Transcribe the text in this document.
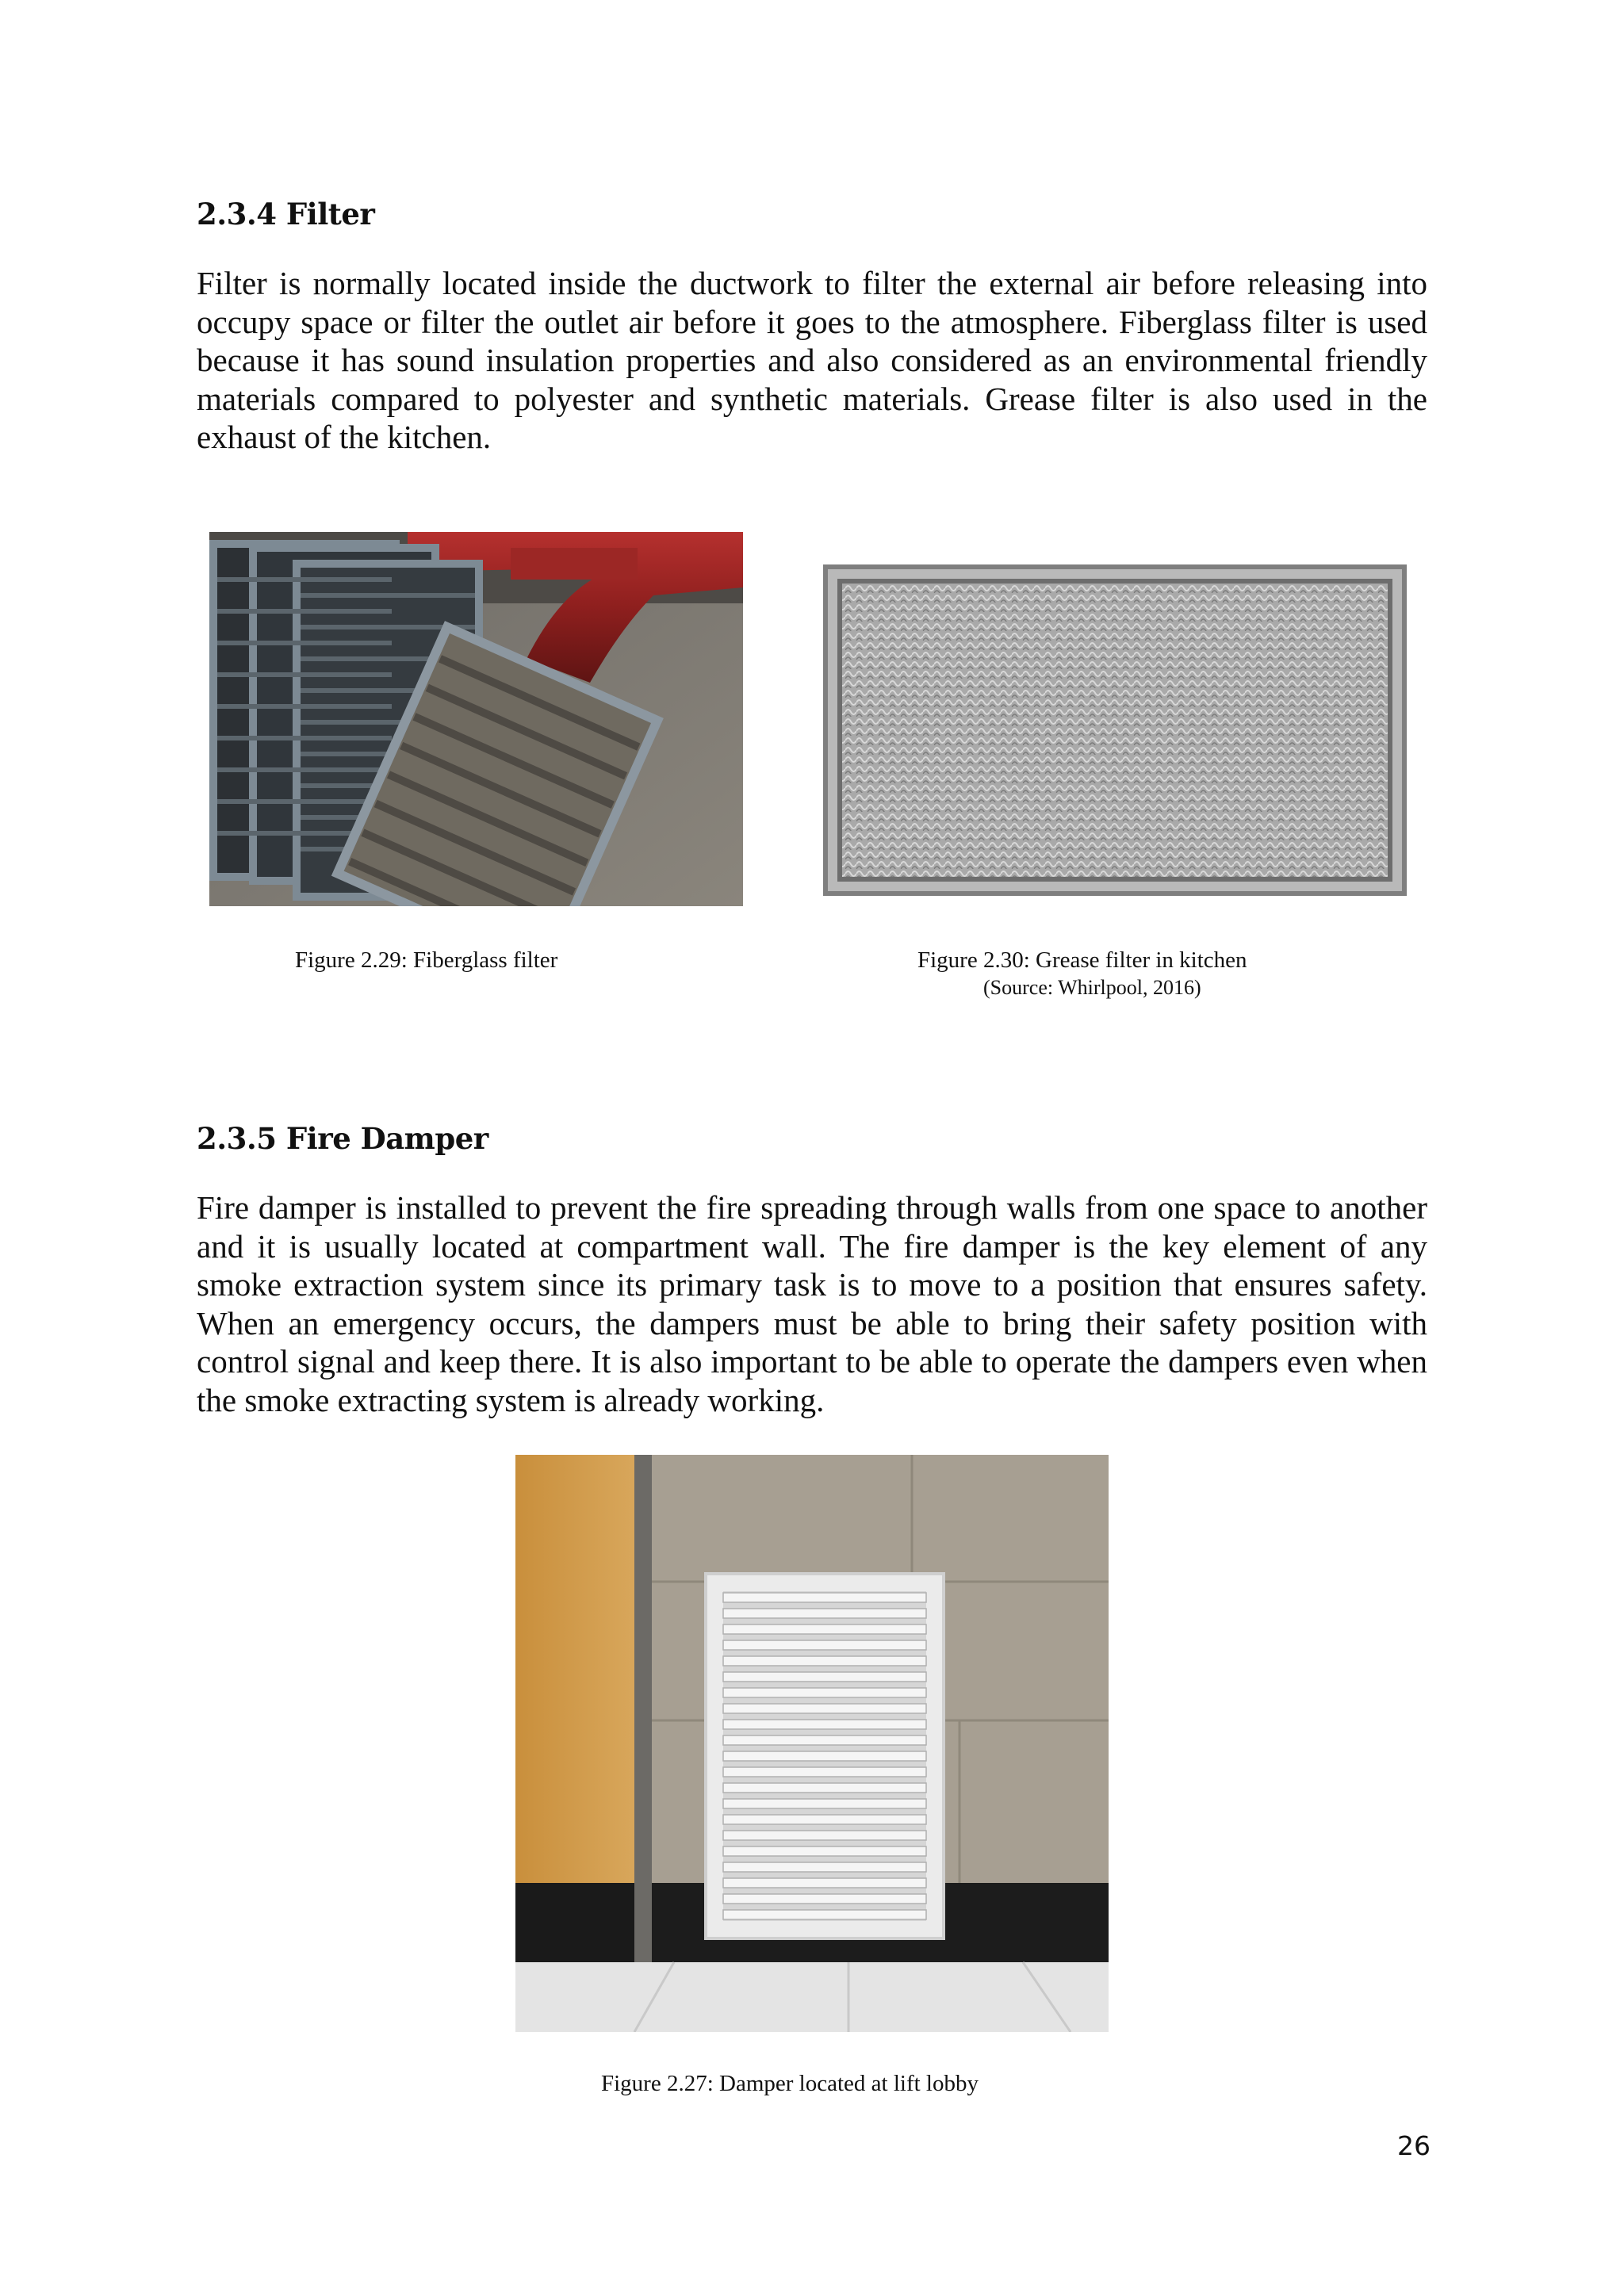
2.3.4 Filter

Filter is normally located inside the ductwork to filter the external air before releasing into occupy space or filter the outlet air before it goes to the atmosphere. Fiberglass filter is used because it has sound insulation properties and also considered as an environmental friendly materials compared to polyester and synthetic materials. Grease filter is also used in the exhaust of the kitchen.

Figure 2.29: Fiberglass filter	Figure 2.30: Grease filter in kitchen
(Source: Whirlpool, 2016)
2.3.5 Fire Damper

Fire damper is installed to prevent the fire spreading through walls from one space to another and it is usually located at compartment wall. The fire damper is the key element of any smoke extraction system since its primary task is to move to a position that ensures safety. When an emergency occurs, the dampers must be able to bring their safety position with control signal and keep there. It is also important to be able to operate the dampers even when the smoke extracting system is already working.

Figure 2.27: Damper located at lift lobby
26
